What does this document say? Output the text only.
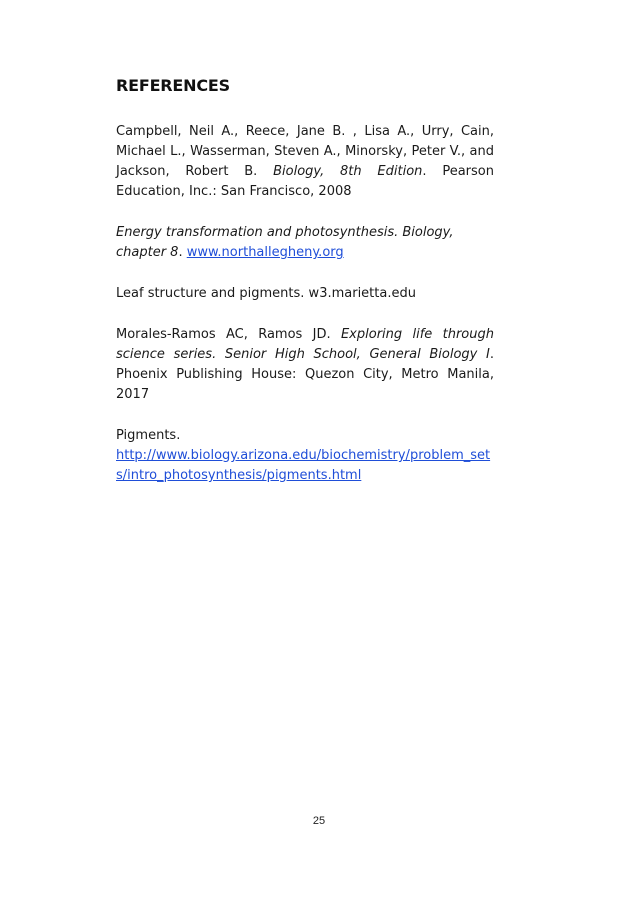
REFERENCES

Campbell, Neil A., Reece, Jane B. , Lisa A., Urry, Cain, Michael L., Wasserman, Steven A., Minorsky, Peter V., and Jackson, Robert B. Biology, 8th Edition. Pearson Education, Inc.: San Francisco, 2008

Energy transformation and photosynthesis. Biology, chapter 8. www.northallegheny.org

Leaf structure and pigments. w3.marietta.edu

Morales-Ramos AC, Ramos JD. Exploring life through science series. Senior High School, General Biology I. Phoenix Publishing House: Quezon City, Metro Manila, 2017

Pigments.
http://www.biology.arizona.edu/biochemistry/problem_sets/intro_photosynthesis/pigments.html

25
